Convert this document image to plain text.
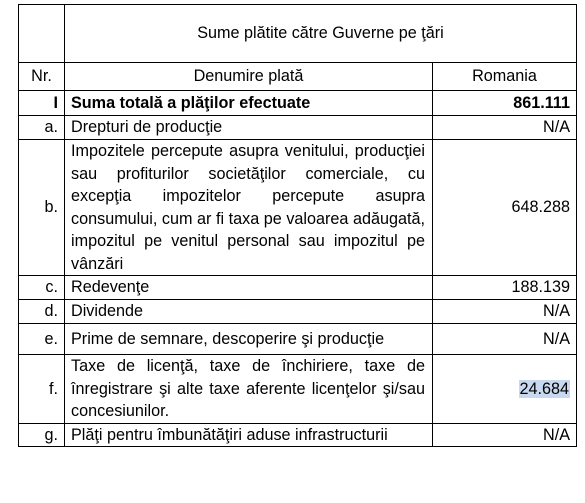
	Sume plătite către Guverne pe ţări	
Nr.	Denumire plată	Romania
I	Suma totală a plăţilor efectuate	861.111
a.	Drepturi de producţie	N/A
b.	Impozitele percepute asupra venitului, producţiei sau profiturilor societăţilor comerciale, cu excepţia impozitelor percepute asupra consumului, cum ar fi taxa pe valoarea adăugată, impozitul pe venitul personal sau impozitul pe vânzări	648.288
c.	Redevenţe	188.139
d.	Dividende	N/A
e.	Prime de semnare, descoperire şi producţie	N/A
f.	Taxe de licenţă, taxe de închiriere, taxe de înregistrare şi alte taxe aferente licenţelor şi/sau concesiunilor.	24.684
g.	Plăţi pentru îmbunătăţiri aduse infrastructurii	N/A
